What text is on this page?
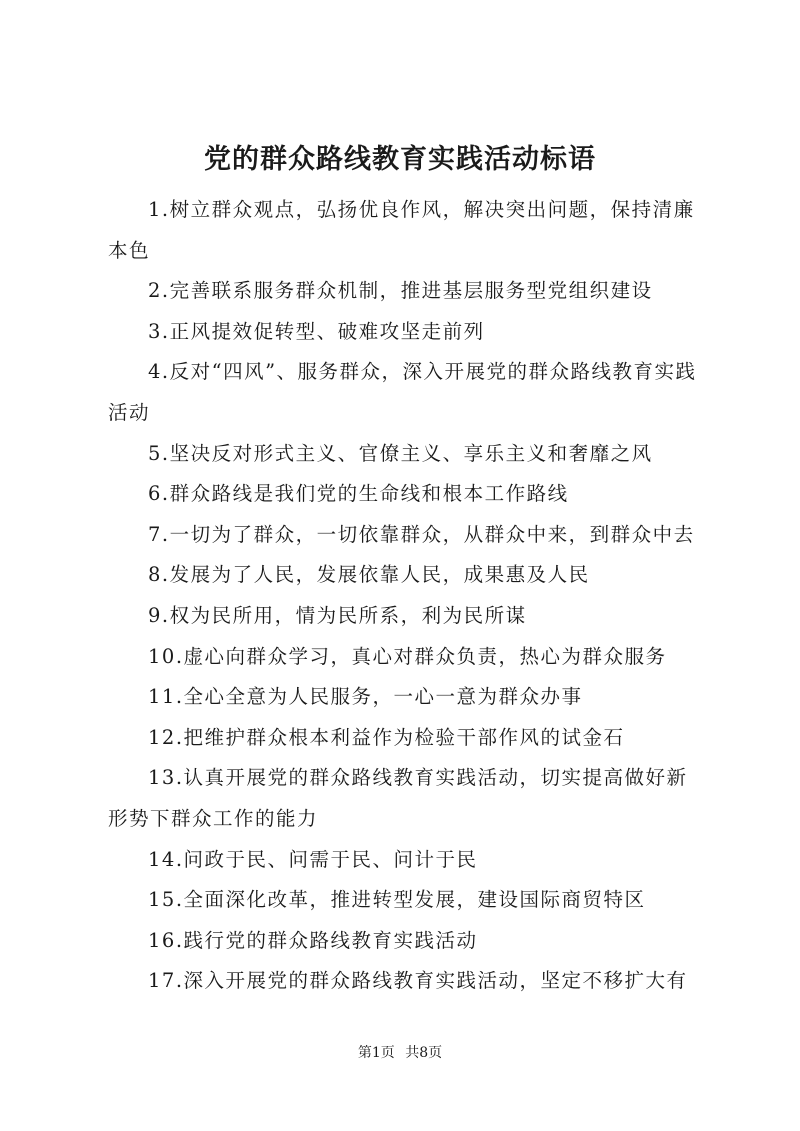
党的群众路线教育实践活动标语
1.树立群众观点，弘扬优良作风，解决突出问题，保持清廉本色
2.完善联系服务群众机制，推进基层服务型党组织建设
3.正风提效促转型、破难攻坚走前列
4.反对“四风”、服务群众，深入开展党的群众路线教育实践活动
5.坚决反对形式主义、官僚主义、享乐主义和奢靡之风
6.群众路线是我们党的生命线和根本工作路线
7.一切为了群众，一切依靠群众，从群众中来，到群众中去
8.发展为了人民，发展依靠人民，成果惠及人民
9.权为民所用，情为民所系，利为民所谋
10.虚心向群众学习，真心对群众负责，热心为群众服务
11.全心全意为人民服务，一心一意为群众办事
12.把维护群众根本利益作为检验干部作风的试金石
13.认真开展党的群众路线教育实践活动，切实提高做好新形势下群众工作的能力
14.问政于民、问需于民、问计于民
15.全面深化改革，推进转型发展，建设国际商贸特区
16.践行党的群众路线教育实践活动
17.深入开展党的群众路线教育实践活动，坚定不移扩大有
第1页 共8页
